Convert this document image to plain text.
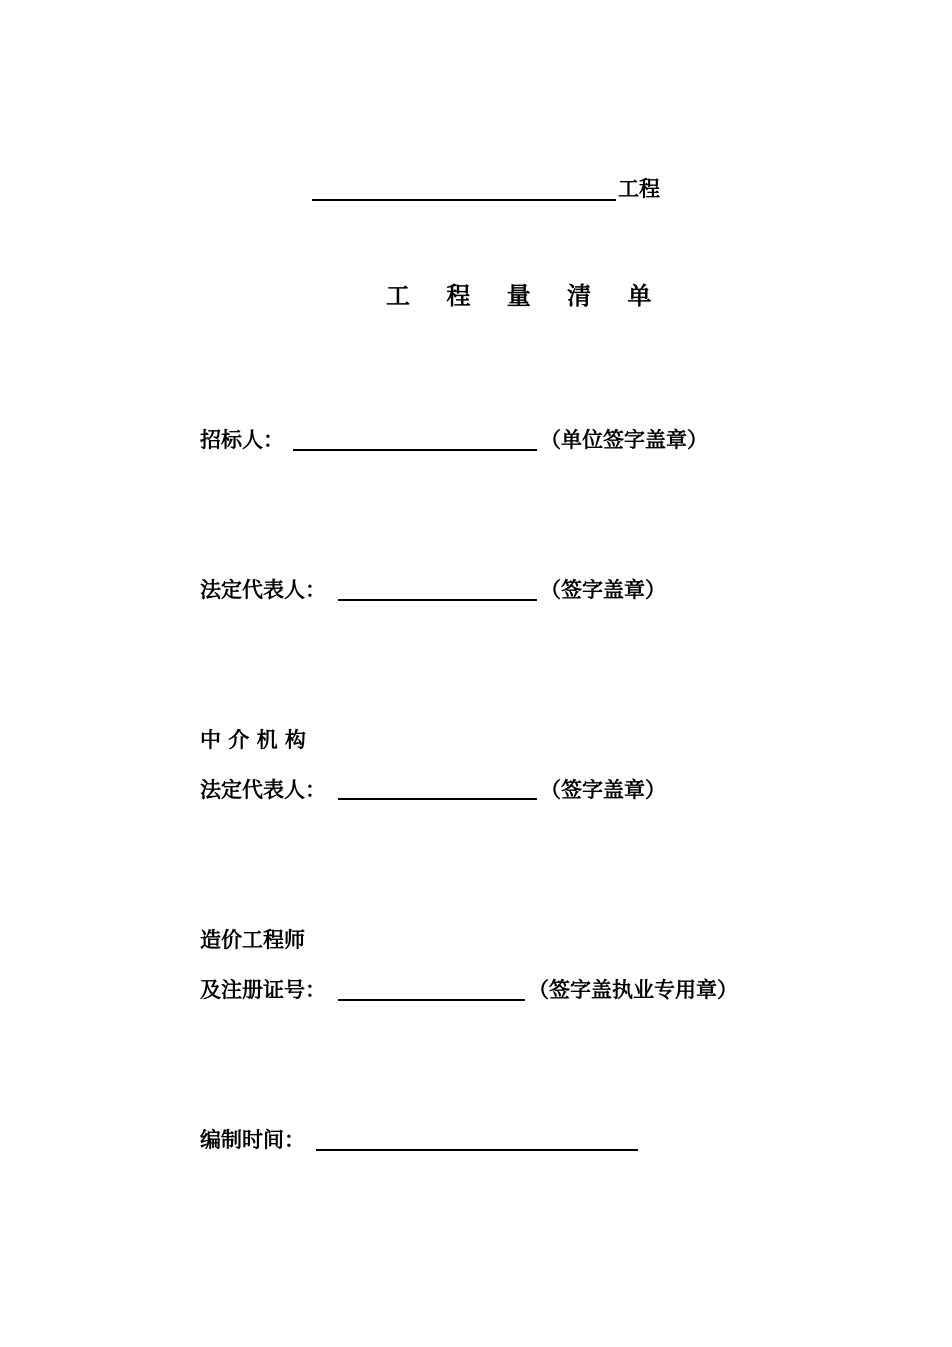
工程
工 程 量 清 单
招标人：	（单位签字盖章）
法定代表人：	（签字盖章）
中 介 机 构
法定代表人：	（签字盖章）
造价工程师
及注册证号：	（签字盖执业专用章）
编制时间：
